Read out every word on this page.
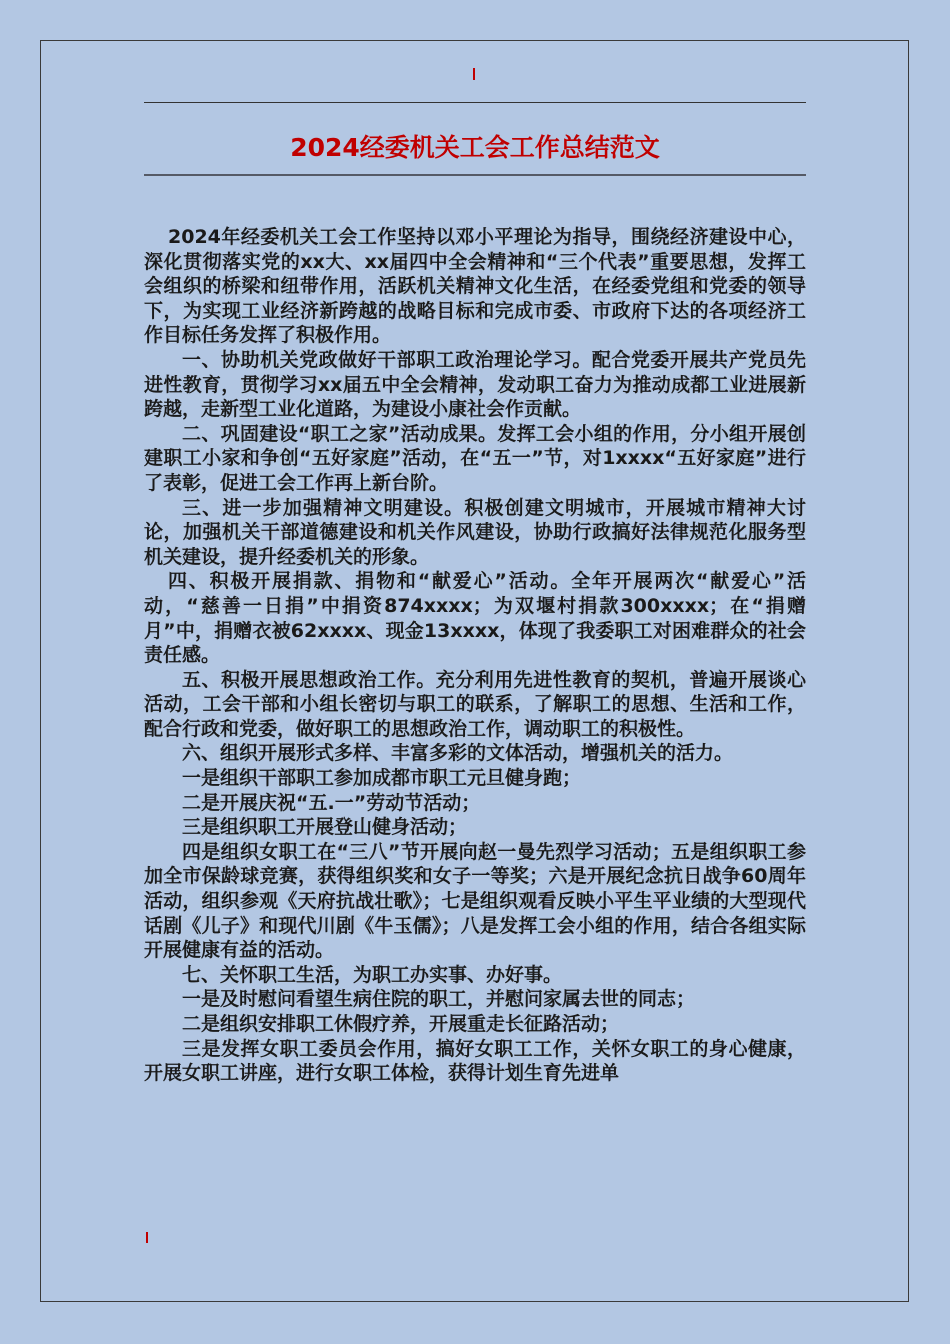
2024经委机关工会工作总结范文

2024年经委机关工会工作坚持以邓小平理论为指导，围绕经济建设中心，深化贯彻落实党的xx大、xx届四中全会精神和“三个代表”重要思想，发挥工会组织的桥梁和纽带作用，活跃机关精神文化生活，在经委党组和党委的领导下，为实现工业经济新跨越的战略目标和完成市委、市政府下达的各项经济工作目标任务发挥了积极作用。

一、协助机关党政做好干部职工政治理论学习。配合党委开展共产党员先进性教育，贯彻学习xx届五中全会精神，发动职工奋力为推动成都工业进展新跨越，走新型工业化道路，为建设小康社会作贡献。

二、巩固建设“职工之家”活动成果。发挥工会小组的作用，分小组开展创建职工小家和争创“五好家庭”活动，在“五一”节，对1xxxx“五好家庭”进行了表彰，促进工会工作再上新台阶。

三、进一步加强精神文明建设。积极创建文明城市，开展城市精神大讨论，加强机关干部道德建设和机关作风建设，协助行政搞好法律规范化服务型机关建设，提升经委机关的形象。

四、积极开展捐款、捐物和“献爱心”活动。全年开展两次“献爱心”活动，“慈善一日捐”中捐资874xxxx；为双堰村捐款300xxxx；在“捐赠月”中，捐赠衣被62xxxx、现金13xxxx，体现了我委职工对困难群众的社会责任感。

五、积极开展思想政治工作。充分利用先进性教育的契机，普遍开展谈心活动，工会干部和小组长密切与职工的联系，了解职工的思想、生活和工作，配合行政和党委，做好职工的思想政治工作，调动职工的积极性。

六、组织开展形式多样、丰富多彩的文体活动，增强机关的活力。

一是组织干部职工参加成都市职工元旦健身跑；

二是开展庆祝“五.一”劳动节活动；

三是组织职工开展登山健身活动；

四是组织女职工在“三八”节开展向赵一曼先烈学习活动；五是组织职工参加全市保龄球竞赛，获得组织奖和女子一等奖；六是开展纪念抗日战争60周年活动，组织参观《天府抗战壮歌》；七是组织观看反映小平生平业绩的大型现代话剧《儿子》和现代川剧《牛玉儒》；八是发挥工会小组的作用，结合各组实际开展健康有益的活动。

七、关怀职工生活，为职工办实事、办好事。

一是及时慰问看望生病住院的职工，并慰问家属去世的同志；

二是组织安排职工休假疗养，开展重走长征路活动；

三是发挥女职工委员会作用，搞好女职工工作，关怀女职工的身心健康，开展女职工讲座，进行女职工体检，获得计划生育先进单
